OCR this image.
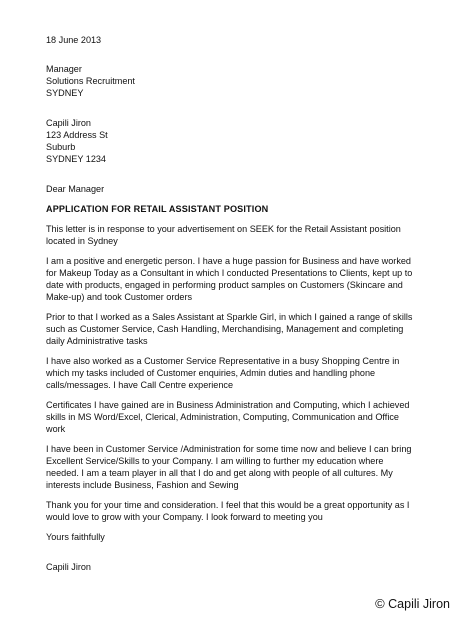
18 June 2013
Manager
Solutions Recruitment
SYDNEY
Capili Jiron
123 Address St
Suburb
SYDNEY 1234
Dear Manager
APPLICATION FOR RETAIL ASSISTANT POSITION
This letter is in response to your advertisement on SEEK for the Retail Assistant position
located in Sydney
I am a positive and energetic person. I have a huge passion for Business and have worked
for Makeup Today as a Consultant in which I conducted Presentations to Clients, kept up to
date with products, engaged in performing product samples on Customers (Skincare and
Make-up) and took Customer orders
Prior to that I worked as a Sales Assistant at Sparkle Girl, in which I gained a range of skills
such as Customer Service, Cash Handling, Merchandising, Management and completing
daily Administrative tasks
I have also worked as a Customer Service Representative in a busy Shopping Centre in
which my tasks included of Customer enquiries, Admin duties and handling phone
calls/messages. I have Call Centre experience
Certificates I have gained are in Business Administration and Computing, which I achieved
skills in MS Word/Excel, Clerical, Administration, Computing, Communication and Office
work
I have been in Customer Service /Administration for some time now and believe I can bring
Excellent Service/Skills to your Company. I am willing to further my education where
needed. I am a team player in all that I do and get along with people of all cultures. My
interests include Business, Fashion and Sewing
Thank you for your time and consideration. I feel that this would be a great opportunity as I
would love to grow with your Company. I look forward to meeting you
Yours faithfully
Capili Jiron
© Capili Jiron
